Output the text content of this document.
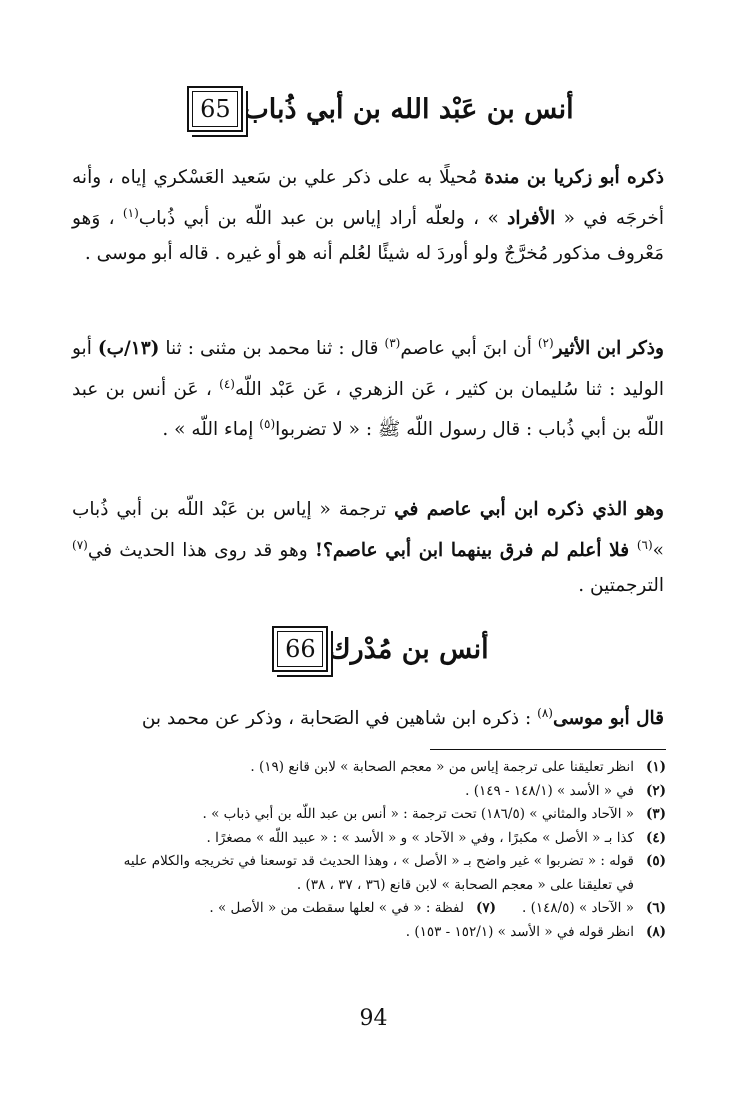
65 أنس بن عَبْد الله بن أبي ذُباب
ذكره أبو زكريا بن مندة مُحيلًا به على ذكر علي بن سَعيد العَسْكري إياه ، وأنه أخرجَه في « الأفراد » ، ولعلّه أراد إياس بن عبد اللّه بن أبي ذُباب$^{(١)}$ ، وَهو مَعْروف مذكور مُخرَّجٌ ولو أوردَ له شيئًا لعُلم أنه هو أو غيره . قاله أبو موسى .
وذكر ابن الأثير$^{(٢)}$ أن ابنَ أبي عاصم$^{(٣)}$ قال : ثنا محمد بن مثنى : ثنا (١٣/ب) أبو الوليد : ثنا سُليمان بن كثير ، عَن الزهري ، عَن عَبْد اللّه$^{(٤)}$ ، عَن أنس بن عبد اللّه بن أبي ذُباب : قال رسول اللّه ﷺ : « لا تضربوا$^{(٥)}$ إماء اللّه » .
وهو الذي ذكره ابن أبي عاصم في ترجمة « إياس بن عَبْد اللّه بن أبي ذُباب »$^{(٦)}$ فلا أعلم لم فرق بينهما ابن أبي عاصم؟! وهو قد روى هذا الحديث في$^{(٧)}$ الترجمتين .
66 أنس بن مُدْرك
قال أبو موسى$^{(٨)}$ : ذكره ابن شاهين في الصَحابة ، وذكر عن محمد بن
(١)
انظر تعليقنا على ترجمة إياس من « معجم الصحابة » لابن قانع (١٩) .
(٢)
في « الأسد » (١٤٨/١ - ١٤٩) .
(٣)
« الآحاد والمثاني » (١٨٦/٥) تحت ترجمة : « أنس بن عبد اللّه بن أبي ذباب » .
(٤)
كذا بـ « الأصل » مكبرًا ، وفي « الآحاد » و « الأسد » : « عبيد اللّه » مصغرًا .
(٥)
قوله : « تضربوا » غير واضح بـ « الأصل » ، وهذا الحديث قد توسعنا في تخريجه والكلام عليه
في تعليقنا على « معجم الصحابة » لابن قانع (٣٦ ، ٣٧ ، ٣٨) .
(٦)
« الآحاد » (١٤٨/٥) .
(٧)
لفظة : « في » لعلها سقطت من « الأصل » .
(٨)
انظر قوله في « الأسد » (١٥٢/١ - ١٥٣) .
94
